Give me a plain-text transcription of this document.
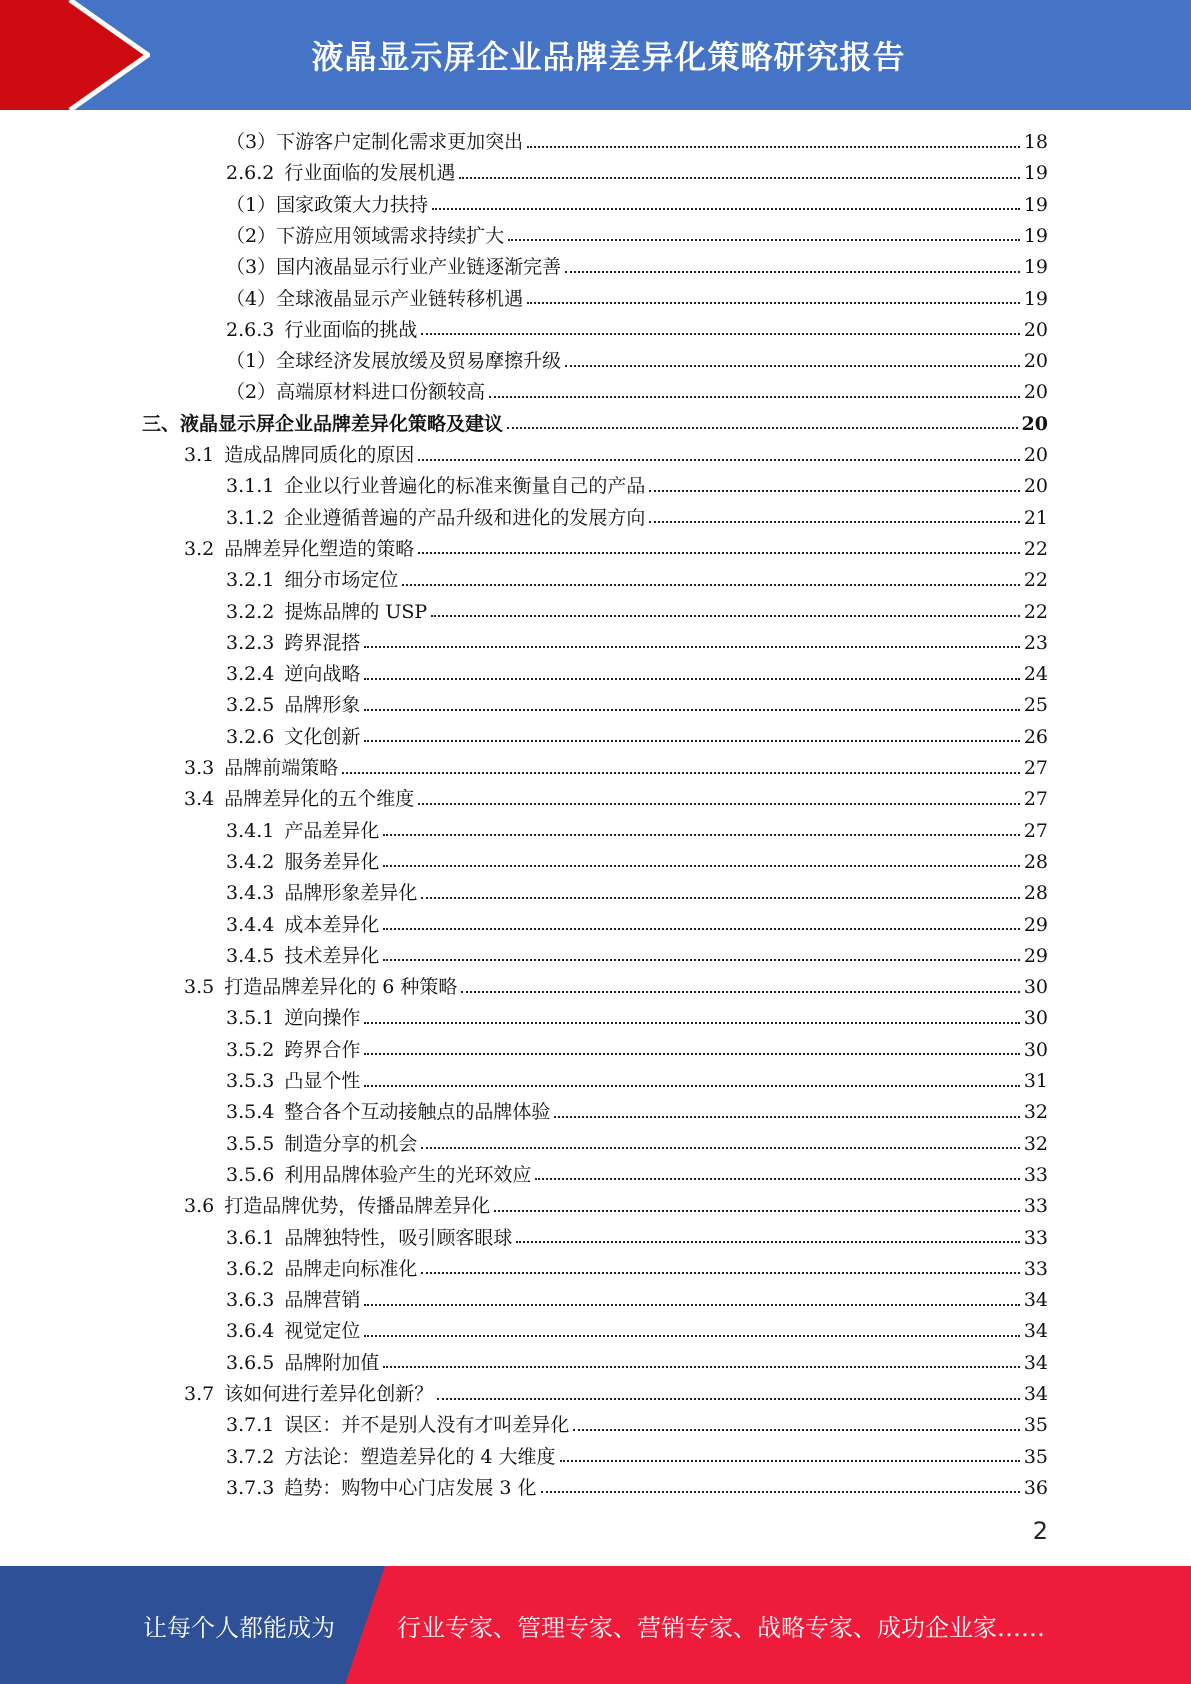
液晶显示屏企业品牌差异化策略研究报告
（3） 下游客户定制化需求更加突出	18
2.6.2 行业面临的发展机遇	19
（1） 国家政策大力扶持	19
（2） 下游应用领域需求持续扩大	19
（3） 国内液晶显示行业产业链逐渐完善	19
（4） 全球液晶显示产业链转移机遇	19
2.6.3 行业面临的挑战	20
（1） 全球经济发展放缓及贸易摩擦升级	20
（2） 高端原材料进口份额较高	20
三、 液晶显示屏企业品牌差异化策略及建议	20
3.1 造成品牌同质化的原因	20
3.1.1 企业以行业普遍化的标准来衡量自己的产品	20
3.1.2 企业遵循普遍的产品升级和进化的发展方向	21
3.2 品牌差异化塑造的策略	22
3.2.1 细分市场定位	22
3.2.2 提炼品牌的 USP	22
3.2.3 跨界混搭	23
3.2.4 逆向战略	24
3.2.5 品牌形象	25
3.2.6 文化创新	26
3.3 品牌前端策略	27
3.4 品牌差异化的五个维度	27
3.4.1 产品差异化	27
3.4.2 服务差异化	28
3.4.3 品牌形象差异化	28
3.4.4 成本差异化	29
3.4.5 技术差异化	29
3.5 打造品牌差异化的 6 种策略	30
3.5.1 逆向操作	30
3.5.2 跨界合作	30
3.5.3 凸显个性	31
3.5.4 整合各个互动接触点的品牌体验	32
3.5.5 制造分享的机会	32
3.5.6 利用品牌体验产生的光环效应	33
3.6 打造品牌优势，传播品牌差异化	33
3.6.1 品牌独特性，吸引顾客眼球	33
3.6.2 品牌走向标准化	33
3.6.3 品牌营销	34
3.6.4 视觉定位	34
3.6.5 品牌附加值	34
3.7 该如何进行差异化创新？	34
3.7.1 误区：并不是别人没有才叫差异化	35
3.7.2 方法论：塑造差异化的 4 大维度	35
3.7.3 趋势：购物中心门店发展 3 化	36
2
让每个人都能成为	行业专家、管理专家、营销专家、战略专家、成功企业家……
